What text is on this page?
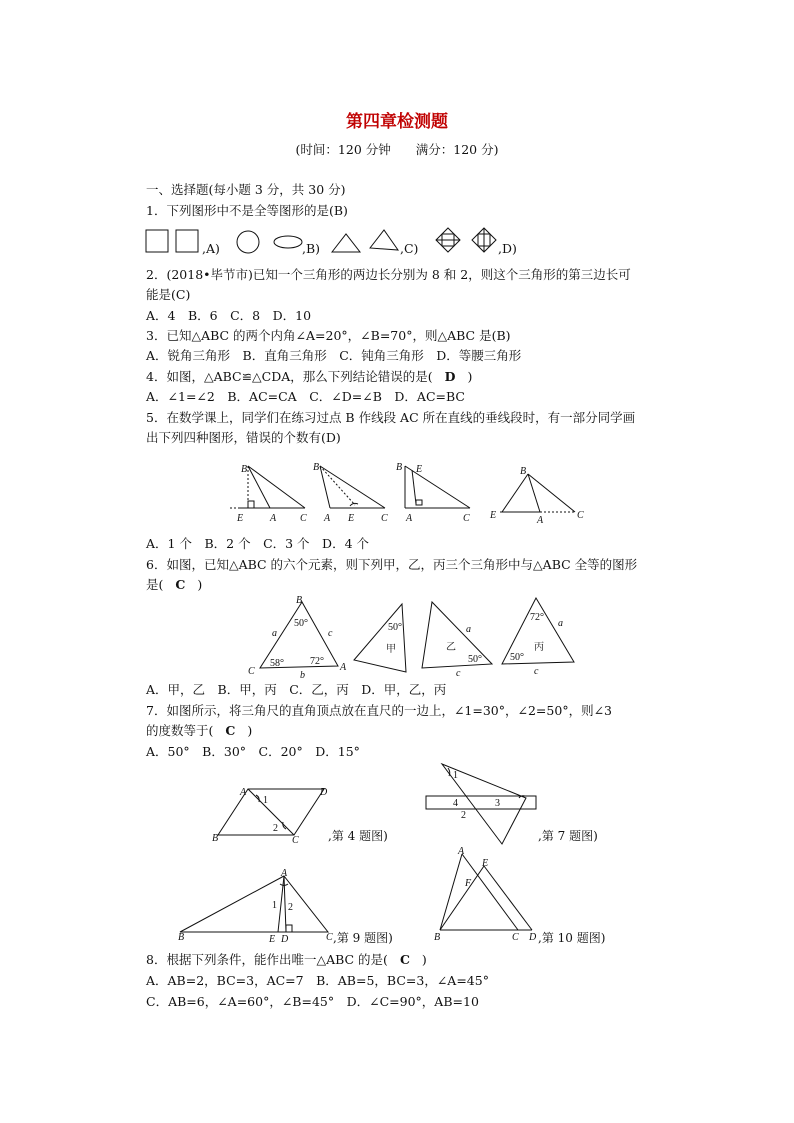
第四章检测题
(时间：120 分钟　　满分：120 分)
一、选择题(每小题 3 分，共 30 分)
1．下列图形中不是全等图形的是(B)
,A)	,B)	,C)	,D)
2．(2018•毕节市)已知一个三角形的两边长分别为 8 和 2，则这个三角形的第三边长可
能是(C)
A．4　B．6　C．8　D．10
3．已知△ABC 的两个内角∠A=20°，∠B=70°，则△ABC 是(B)
A．锐角三角形　B．直角三角形　C．钝角三角形　D．等腰三角形
4．如图，△ABC≌△CDA，那么下列结论错误的是( D )
A．∠1=∠2　B．AC=CA　C．∠D=∠B　D．AC=BC
5．在数学课上，同学们在练习过点 B 作线段 AC 所在直线的垂线段时，有一部分同学画
出下列四种图形，错误的个数有(D)
B
E	A C
B
A E	C
B E
A	C
B
E	A	C
A．1 个　B．2 个　C．3 个　D．4 个
6．如图，已知△ABC 的六个元素，则下列甲，乙，丙三个三角形中与△ABC 全等的图形
是( C )
B
C	A
a	c
b
50°
58°	72°
50°
甲
a
c
乙
50°
a
c
72°
50°
丙
A．甲，乙　B．甲，丙　C．乙，丙　D．甲，乙，丙
7．如图所示，将三角尺的直角顶点放在直尺的一边上，∠1=30°，∠2=50°，则∠3
的度数等于( C )
A．50°　B．30°　C．20°　D．15°
A	D
B	C
1
2
,第 4 题图)
1
4
2
3
,第 7 题图)
A
B	E D	C
1 2
,第 9 题图)
A
E
F
B	C D ,第 10 题图)
8．根据下列条件，能作出唯一△ABC 的是( C )
A．AB=2，BC=3，AC=7　B．AB=5，BC=3，∠A=45°
C．AB=6，∠A=60°，∠B=45°　D．∠C=90°，AB=10
